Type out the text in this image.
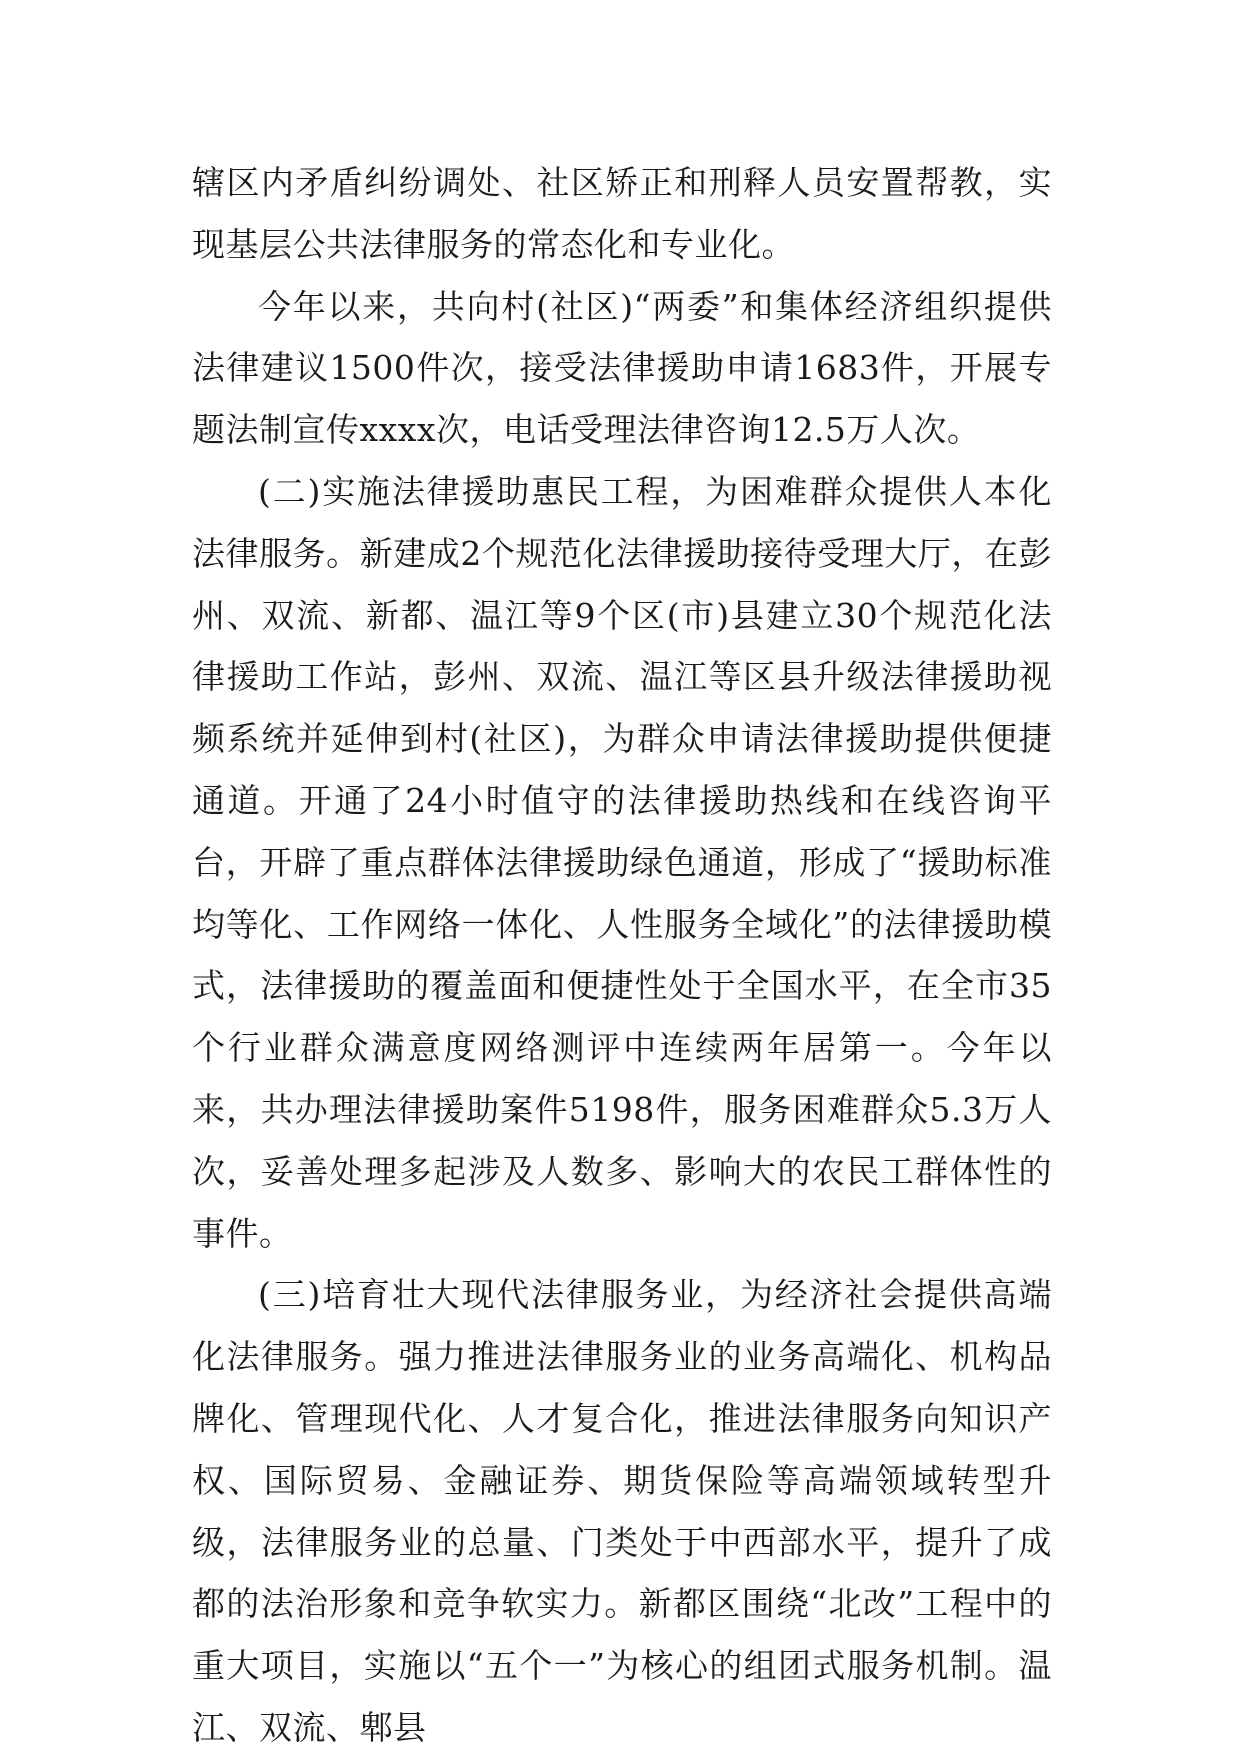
辖区内矛盾纠纷调处、社区矫正和刑释人员安置帮教，实现基层公共法律服务的常态化和专业化。

今年以来，共向村(社区)“两委”和集体经济组织提供法律建议1500件次，接受法律援助申请1683件，开展专题法制宣传xxxx次，电话受理法律咨询12.5万人次。

(二)实施法律援助惠民工程，为困难群众提供人本化法律服务。新建成2个规范化法律援助接待受理大厅，在彭州、双流、新都、温江等9个区(市)县建立30个规范化法律援助工作站，彭州、双流、温江等区县升级法律援助视频系统并延伸到村(社区)，为群众申请法律援助提供便捷通道。开通了24小时值守的法律援助热线和在线咨询平台，开辟了重点群体法律援助绿色通道，形成了“援助标准均等化、工作网络一体化、人性服务全域化”的法律援助模式，法律援助的覆盖面和便捷性处于全国水平，在全市35个行业群众满意度网络测评中连续两年居第一。今年以来，共办理法律援助案件5198件，服务困难群众5.3万人次，妥善处理多起涉及人数多、影响大的农民工群体性的事件。

(三)培育壮大现代法律服务业，为经济社会提供高端化法律服务。强力推进法律服务业的业务高端化、机构品牌化、管理现代化、人才复合化，推进法律服务向知识产权、国际贸易、金融证券、期货保险等高端领域转型升级，法律服务业的总量、门类处于中西部水平，提升了成都的法治形象和竞争软实力。新都区围绕“北改”工程中的重大项目，实施以“五个一”为核心的组团式服务机制。温江、双流、郫县
